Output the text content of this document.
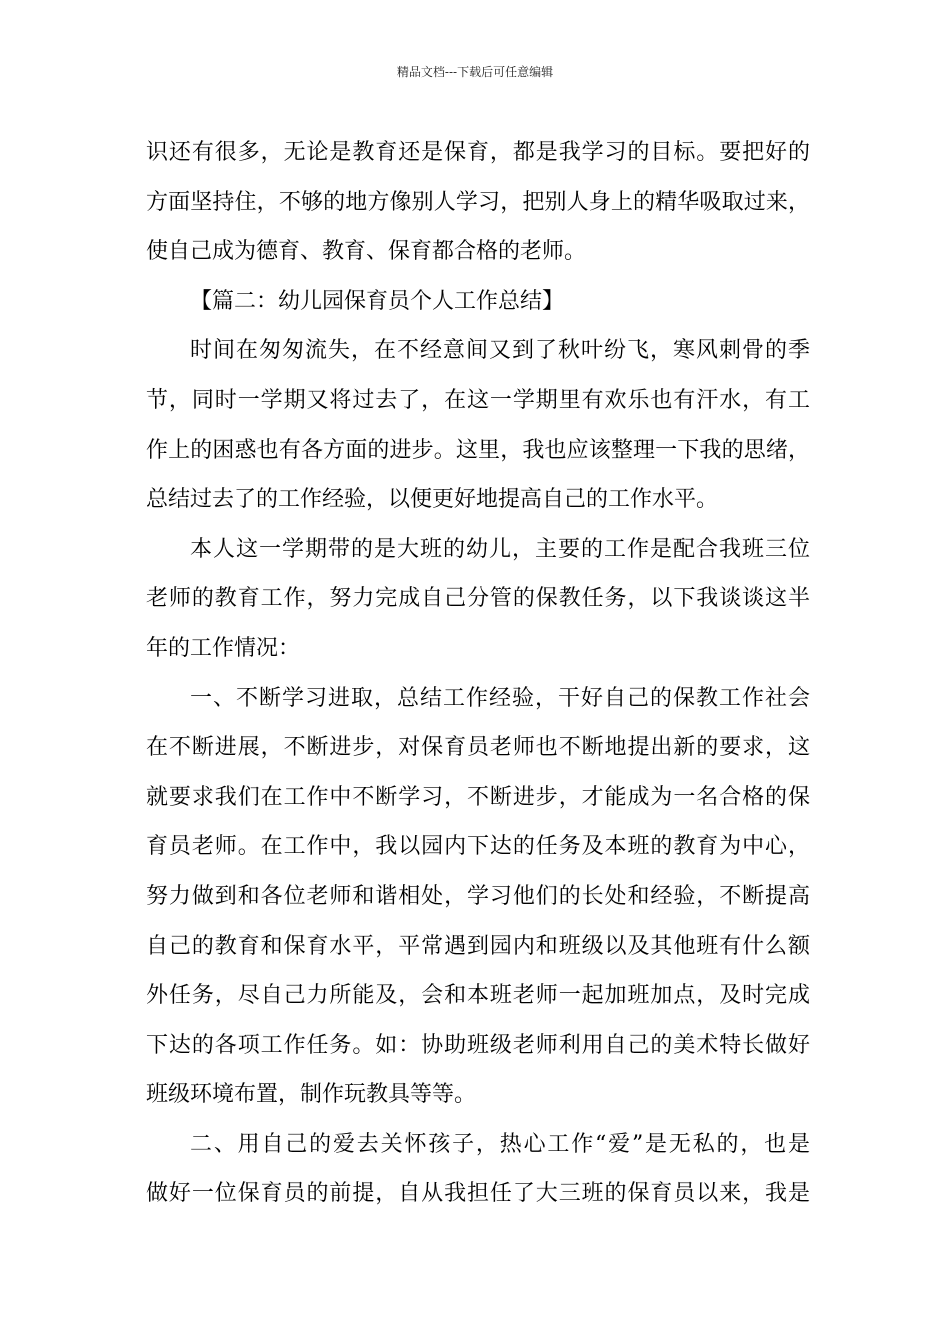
精品文档---下载后可任意编辑
识还有很多，无论是教育还是保育，都是我学习的目标。要把好的
方面坚持住，不够的地方像别人学习，把别人身上的精华吸取过来，
使自己成为德育、教育、保育都合格的老师。
【篇二：幼儿园保育员个人工作总结】
时间在匆匆流失，在不经意间又到了秋叶纷飞，寒风刺骨的季
节，同时一学期又将过去了，在这一学期里有欢乐也有汗水，有工
作上的困惑也有各方面的进步。这里，我也应该整理一下我的思绪，
总结过去了的工作经验，以便更好地提高自己的工作水平。
本人这一学期带的是大班的幼儿，主要的工作是配合我班三位
老师的教育工作，努力完成自己分管的保教任务，以下我谈谈这半
年的工作情况：
一、不断学习进取，总结工作经验，干好自己的保教工作社会
在不断进展，不断进步，对保育员老师也不断地提出新的要求，这
就要求我们在工作中不断学习，不断进步，才能成为一名合格的保
育员老师。在工作中，我以园内下达的任务及本班的教育为中心，
努力做到和各位老师和谐相处，学习他们的长处和经验，不断提高
自己的教育和保育水平，平常遇到园内和班级以及其他班有什么额
外任务，尽自己力所能及，会和本班老师一起加班加点，及时完成
下达的各项工作任务。如：协助班级老师利用自己的美术特长做好
班级环境布置，制作玩教具等等。
二、用自己的爱去关怀孩子，热心工作“爱”是无私的，也是
做好一位保育员的前提，自从我担任了大三班的保育员以来，我是
